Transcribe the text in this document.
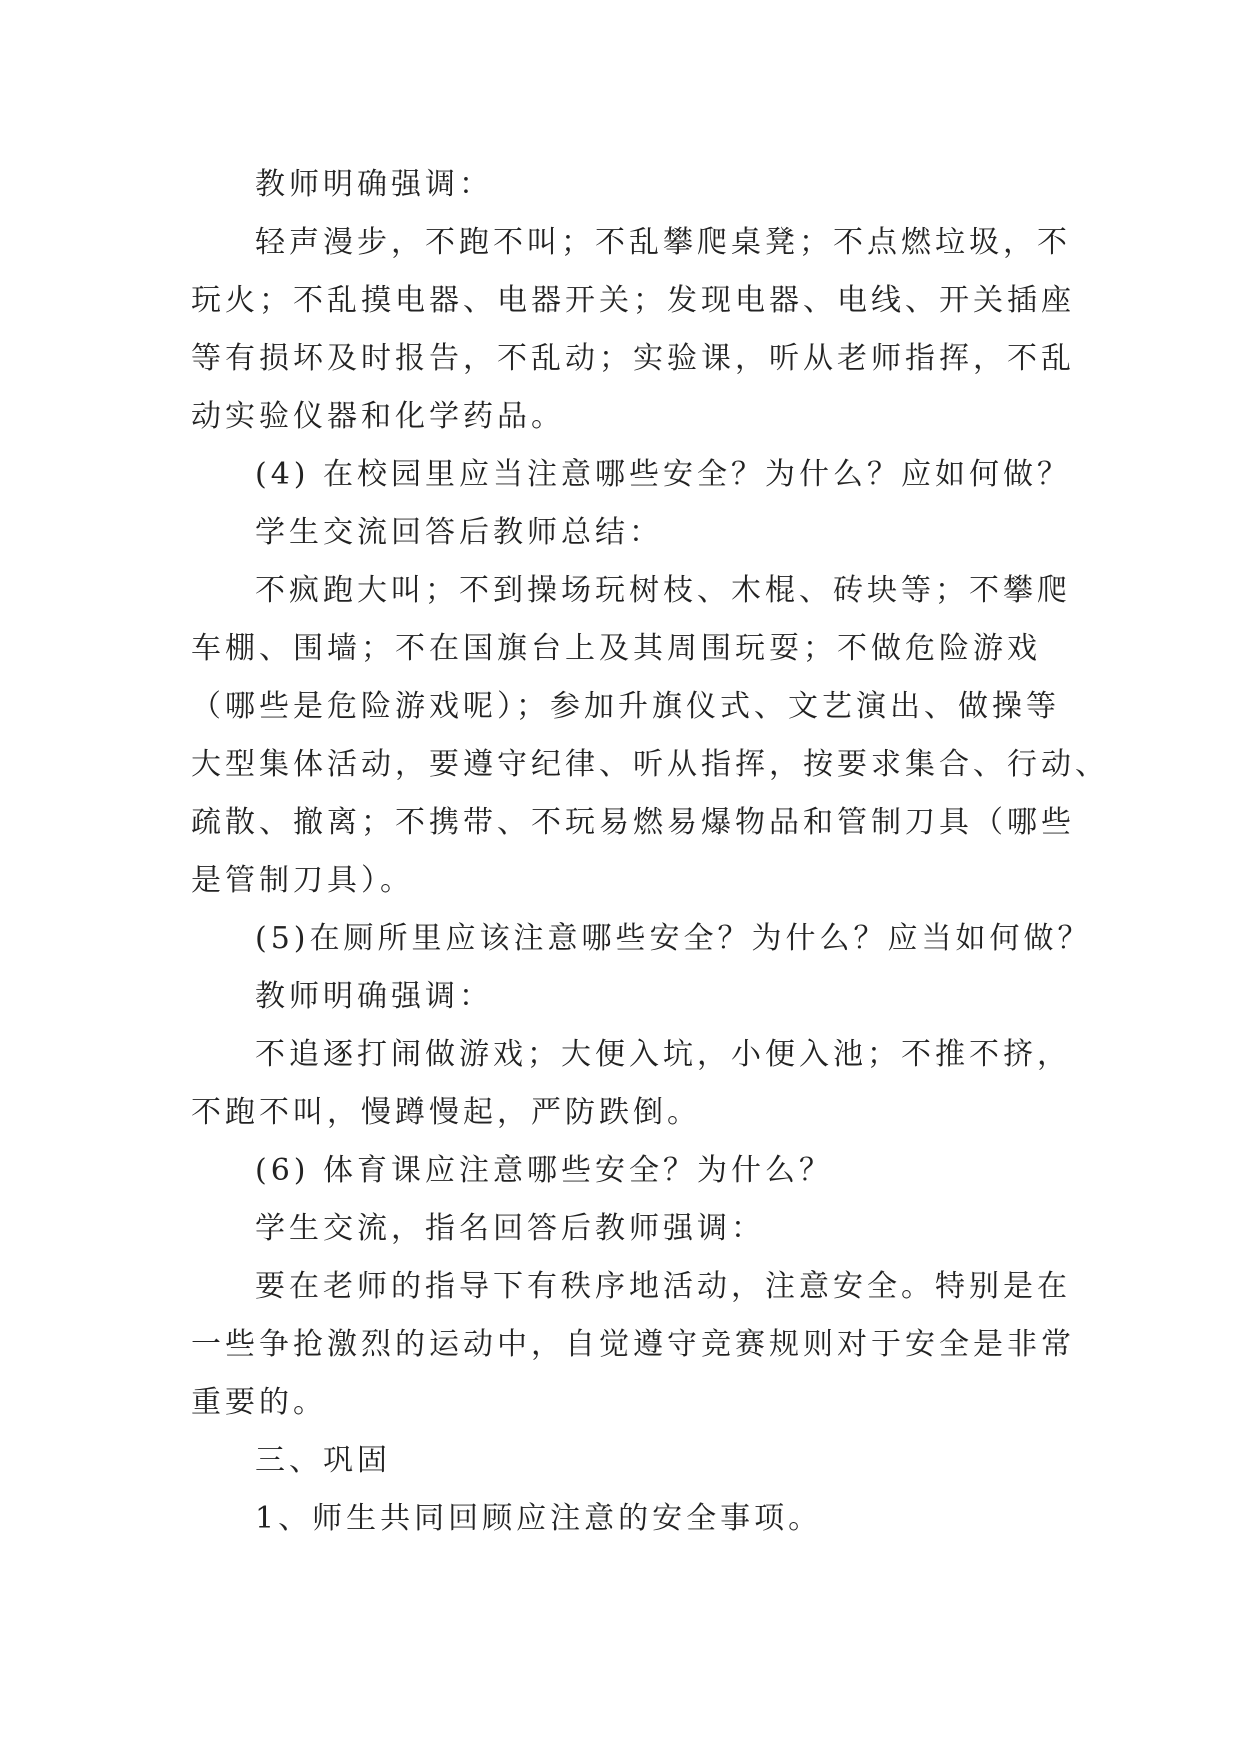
教师明确强调：

轻声漫步，不跑不叫；不乱攀爬桌凳；不点燃垃圾，不

玩火；不乱摸电器、电器开关；发现电器、电线、开关插座

等有损坏及时报告，不乱动；实验课，听从老师指挥，不乱

动实验仪器和化学药品。

(4) 在校园里应当注意哪些安全？为什么？应如何做？

学生交流回答后教师总结：

不疯跑大叫；不到操场玩树枝、木棍、砖块等；不攀爬

车棚、围墙；不在国旗台上及其周围玩耍；不做危险游戏

（哪些是危险游戏呢）；参加升旗仪式、文艺演出、做操等

大型集体活动，要遵守纪律、听从指挥，按要求集合、行动、

疏散、撤离；不携带、不玩易燃易爆物品和管制刀具（哪些

是管制刀具）。

(5)在厕所里应该注意哪些安全？为什么？应当如何做？

教师明确强调：

不追逐打闹做游戏；大便入坑，小便入池；不推不挤，

不跑不叫，慢蹲慢起，严防跌倒。

(6) 体育课应注意哪些安全？为什么？

学生交流，指名回答后教师强调：

要在老师的指导下有秩序地活动，注意安全。特别是在

一些争抢激烈的运动中，自觉遵守竞赛规则对于安全是非常

重要的。

三、巩固

1、师生共同回顾应注意的安全事项。
